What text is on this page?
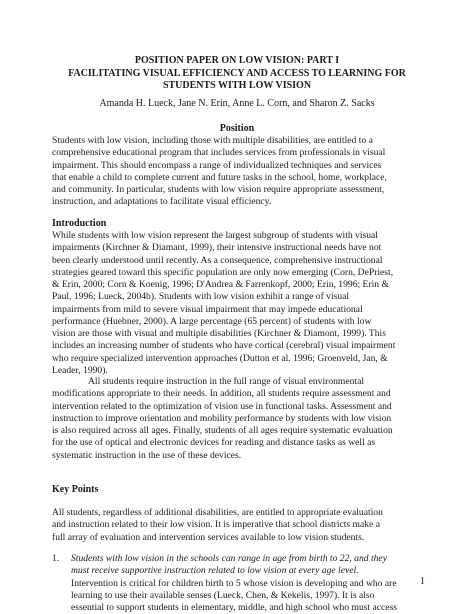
POSITION PAPER ON LOW VISION: PART I
FACILITATING VISUAL EFFICIENCY AND ACCESS TO LEARNING FOR
STUDENTS WITH LOW VISION
Amanda H. Lueck, Jane N. Erin, Anne L. Corn, and Sharon Z. Sacks
Position
Students with low vision, including those with multiple disabilities, are entitled to a
comprehensive educational program that includes services from professionals in visual
impairment. This should encompass a range of individualized techniques and services
that enable a child to complete current and future tasks in the school, home, workplace,
and community. In particular, students with low vision require appropriate assessment,
instruction, and adaptations to facilitate visual efficiency.
Introduction
While students with low vision represent the largest subgroup of students with visual
impairments (Kirchner & Diamant, 1999), their intensive instructional needs have not
been clearly understood until recently. As a consequence, comprehensive instructional
strategies geared toward this specific population are only now emerging (Corn, DePriest,
& Erin, 2000; Corn & Koenig, 1996; D'Andrea & Farrenkopf, 2000; Erin, 1996; Erin &
Paul, 1996; Lueck, 2004b). Students with low vision exhibit a range of visual
impairments from mild to severe visual impairment that may impede educational
performance (Huebner, 2000). A large percentage (65 percent) of students with low
vision are those with visual and multiple disabilities (Kirchner & Diamont, 1999). This
includes an increasing number of students who have cortical (cerebral) visual impairment
who require specialized intervention approaches (Dutton et al. 1996; Groenveld, Jan, &
Leader, 1990).
All students require instruction in the full range of visual environmental
modifications appropriate to their needs. In addition, all students require assessment and
intervention related to the optimization of vision use in functional tasks. Assessment and
instruction to improve orientation and mobility performance by students with low vision
is also required across all ages. Finally, students of all ages require systematic evaluation
for the use of optical and electronic devices for reading and distance tasks as well as
systematic instruction in the use of these devices.
Key Points
All students, regardless of additional disabilities, are entitled to appropriate evaluation
and instruction related to their low vision. It is imperative that school districts make a
full array of evaluation and intervention services available to low vision students.
1. Students with low vision in the schools can range in age from birth to 22, and they
must receive supportive instruction related to low vision at every age level.
Intervention is critical for children birth to 5 whose vision is developing and who are
learning to use their available senses (Lueck, Chen, & Kekelis, 1997). It is also
essential to support students in elementary, middle, and high school who must access
1
